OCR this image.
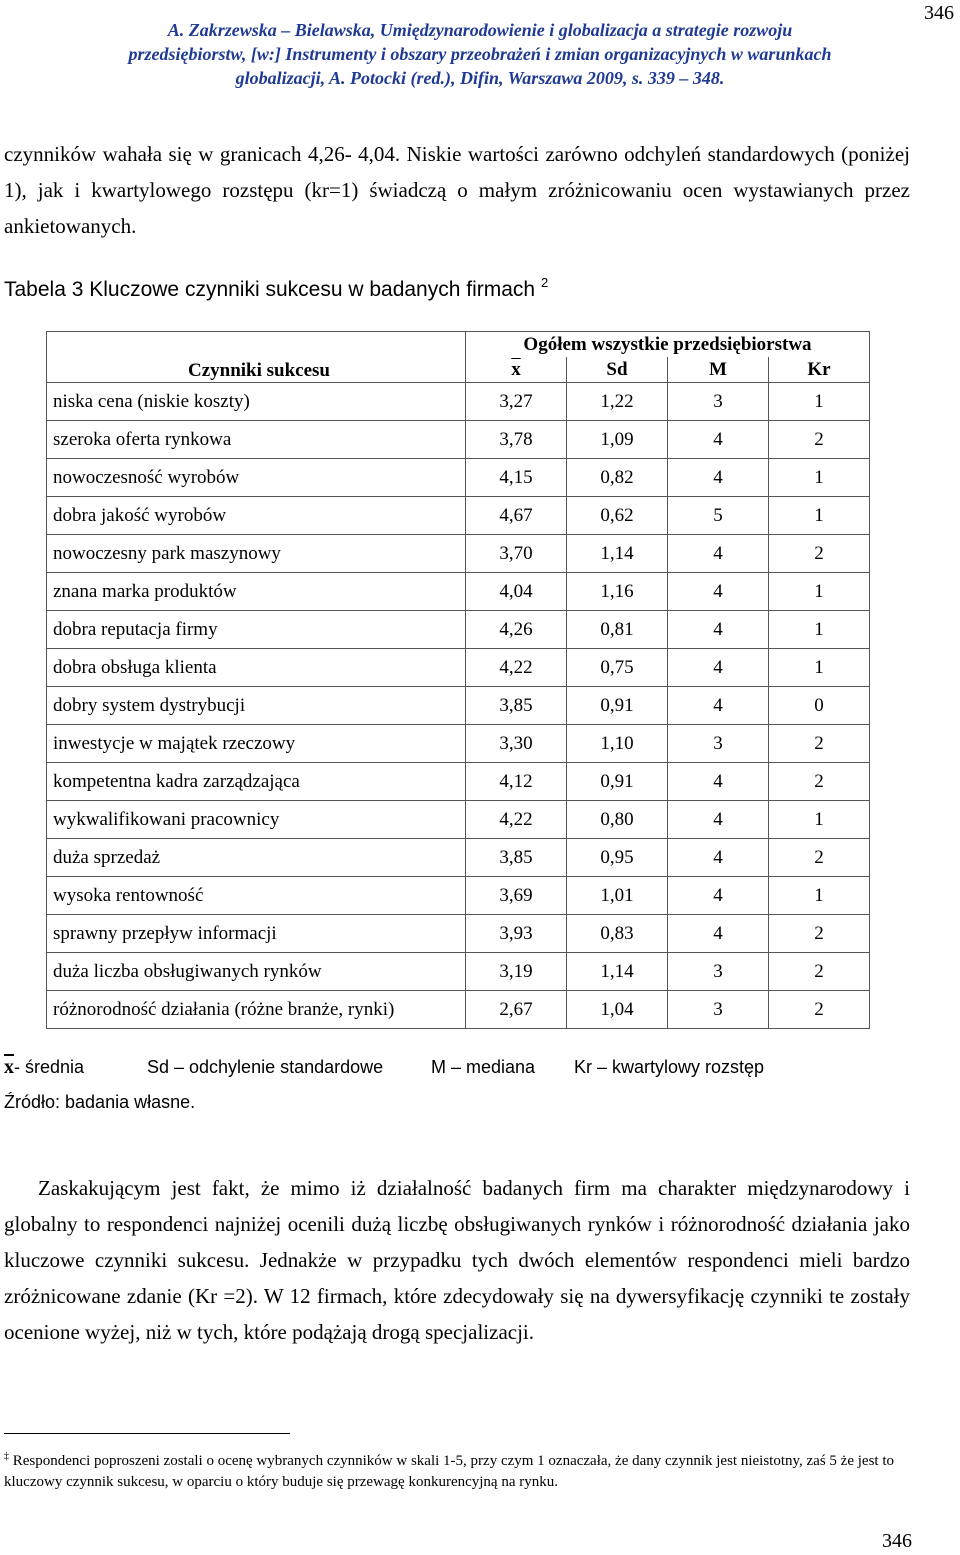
346
A. Zakrzewska – Bielawska, Umiędzynarodowienie i globalizacja a strategie rozwoju
przedsiębiorstw, [w:] Instrumenty i obszary przeobrażeń i zmian organizacyjnych w warunkach
globalizacji, A. Potocki (red.), Difin, Warszawa 2009, s. 339 – 348.
czynników wahała się w granicach 4,26- 4,04. Niskie wartości zarówno odchyleń standardowych (poniżej 1), jak i kwartylowego rozstępu (kr=1) świadczą o małym zróżnicowaniu ocen wystawianych przez ankietowanych.
Tabela 3 Kluczowe czynniki sukcesu w badanych firmach $^2$
Czynniki sukcesu	Ogółem wszystkie przedsiębiorstwa			
	$\overline{x}$	Sd	M	Kr
niska cena (niskie koszty)	3,27	1,22	3	1
szeroka oferta rynkowa	3,78	1,09	4	2
nowoczesność wyrobów	4,15	0,82	4	1
dobra jakość wyrobów	4,67	0,62	5	1
nowoczesny park maszynowy	3,70	1,14	4	2
znana marka produktów	4,04	1,16	4	1
dobra reputacja firmy	4,26	0,81	4	1
dobra obsługa klienta	4,22	0,75	4	1
dobry system dystrybucji	3,85	0,91	4	0
inwestycje w majątek rzeczowy	3,30	1,10	3	2
kompetentna kadra zarządzająca	4,12	0,91	4	2
wykwalifikowani pracownicy	4,22	0,80	4	1
duża sprzedaż	3,85	0,95	4	2
wysoka rentowność	3,69	1,01	4	1
sprawny przepływ informacji	3,93	0,83	4	2
duża liczba obsługiwanych rynków	3,19	1,14	3	2
różnorodność działania (różne branże, rynki)	2,67	1,04	3	2
$\overline{x}-$ średnia	Sd – odchylenie standardowe	M – mediana Kr – kwartylowy rozstęp
Źródło: badania własne.
Zaskakującym jest fakt, że mimo iż działalność badanych firm ma charakter międzynarodowy i globalny to respondenci najniżej ocenili dużą liczbę obsługiwanych rynków i różnorodność działania jako kluczowe czynniki sukcesu. Jednakże w przypadku tych dwóch elementów respondenci mieli bardzo zróżnicowane zdanie (Kr =2). W 12 firmach, które zdecydowały się na dywersyfikację czynniki te zostały ocenione wyżej, niż w tych, które podążają drogą specjalizacji.
‡ Respondenci poproszeni zostali o ocenę wybranych czynników w skali 1-5, przy czym 1 oznaczała, że dany czynnik jest nieistotny, zaś 5 że jest to kluczowy czynnik sukcesu, w oparciu o który buduje się przewagę konkurencyjną na rynku.
346
